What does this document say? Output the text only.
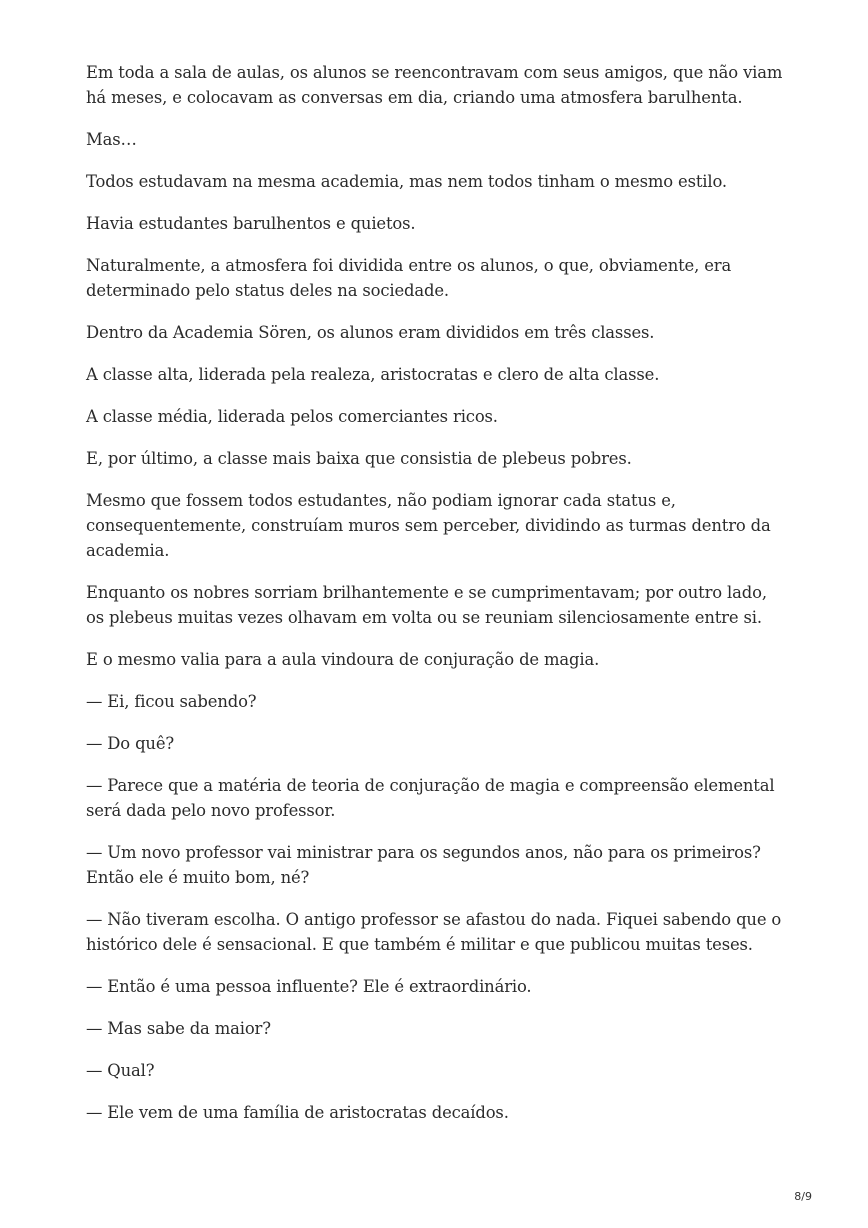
Em toda a sala de aulas, os alunos se reencontravam com seus amigos, que não viam há meses, e colocavam as conversas em dia, criando uma atmosfera barulhenta.

Mas…

Todos estudavam na mesma academia, mas nem todos tinham o mesmo estilo.

Havia estudantes barulhentos e quietos.

Naturalmente, a atmosfera foi dividida entre os alunos, o que, obviamente, era determinado pelo status deles na sociedade.

Dentro da Academia Sören, os alunos eram divididos em três classes.

A classe alta, liderada pela realeza, aristocratas e clero de alta classe.

A classe média, liderada pelos comerciantes ricos.

E, por último, a classe mais baixa que consistia de plebeus pobres.

Mesmo que fossem todos estudantes, não podiam ignorar cada status e, consequentemente, construíam muros sem perceber, dividindo as turmas dentro da academia.

Enquanto os nobres sorriam brilhantemente e se cumprimentavam; por outro lado, os plebeus muitas vezes olhavam em volta ou se reuniam silenciosamente entre si.

E o mesmo valia para a aula vindoura de conjuração de magia.

— Ei, ficou sabendo?

— Do quê?

— Parece que a matéria de teoria de conjuração de magia e compreensão elemental será dada pelo novo professor.

— Um novo professor vai ministrar para os segundos anos, não para os primeiros? Então ele é muito bom, né?

— Não tiveram escolha. O antigo professor se afastou do nada. Fiquei sabendo que o histórico dele é sensacional. E que também é militar e que publicou muitas teses.

— Então é uma pessoa influente? Ele é extraordinário.

— Mas sabe da maior?

— Qual?

— Ele vem de uma família de aristocratas decaídos.

8/9
